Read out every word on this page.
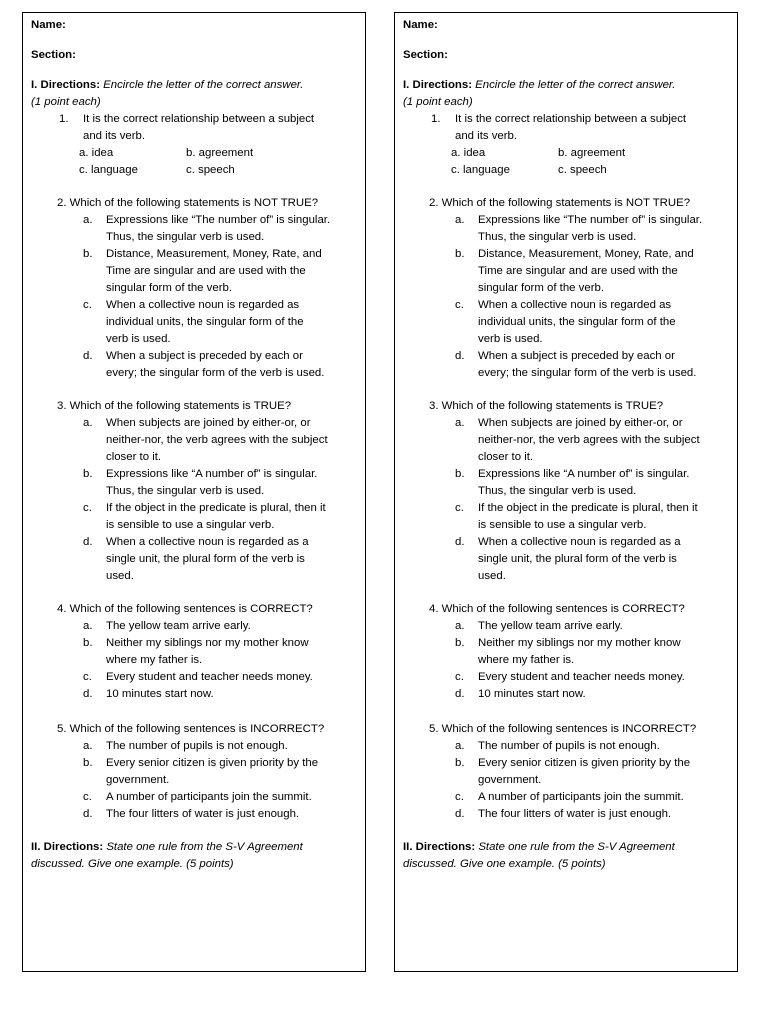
Name:
Section:
I. Directions: Encircle the letter of the correct answer.
(1 point each)
1. It is the correct relationship between a subject
and its verb.
a. idea	b. agreement
c. language	c. speech
2. Which of the following statements is NOT TRUE?
a. Expressions like “The number of” is singular.
Thus, the singular verb is used.
b. Distance, Measurement, Money, Rate, and
Time are singular and are used with the
singular form of the verb.
c. When a collective noun is regarded as
individual units, the singular form of the
verb is used.
d. When a subject is preceded by each or
every; the singular form of the verb is used.
3. Which of the following statements is TRUE?
a. When subjects are joined by either-or, or
neither-nor, the verb agrees with the subject
closer to it.
b. Expressions like “A number of” is singular.
Thus, the singular verb is used.
c. If the object in the predicate is plural, then it
is sensible to use a singular verb.
d. When a collective noun is regarded as a
single unit, the plural form of the verb is
used.
4. Which of the following sentences is CORRECT?
a. The yellow team arrive early.
b. Neither my siblings nor my mother know
where my father is.
c. Every student and teacher needs money.
d. 10 minutes start now.
5. Which of the following sentences is INCORRECT?
a. The number of pupils is not enough.
b. Every senior citizen is given priority by the
government.
c. A number of participants join the summit.
d. The four litters of water is just enough.
II. Directions: State one rule from the S-V Agreement
discussed. Give one example. (5 points)
Name:
Section:
I. Directions: Encircle the letter of the correct answer.
(1 point each)
1. It is the correct relationship between a subject
and its verb.
a. idea	b. agreement
c. language	c. speech
2. Which of the following statements is NOT TRUE?
a. Expressions like “The number of” is singular.
Thus, the singular verb is used.
b. Distance, Measurement, Money, Rate, and
Time are singular and are used with the
singular form of the verb.
c. When a collective noun is regarded as
individual units, the singular form of the
verb is used.
d. When a subject is preceded by each or
every; the singular form of the verb is used.
3. Which of the following statements is TRUE?
a. When subjects are joined by either-or, or
neither-nor, the verb agrees with the subject
closer to it.
b. Expressions like “A number of” is singular.
Thus, the singular verb is used.
c. If the object in the predicate is plural, then it
is sensible to use a singular verb.
d. When a collective noun is regarded as a
single unit, the plural form of the verb is
used.
4. Which of the following sentences is CORRECT?
a. The yellow team arrive early.
b. Neither my siblings nor my mother know
where my father is.
c. Every student and teacher needs money.
d. 10 minutes start now.
5. Which of the following sentences is INCORRECT?
a. The number of pupils is not enough.
b. Every senior citizen is given priority by the
government.
c. A number of participants join the summit.
d. The four litters of water is just enough.
II. Directions: State one rule from the S-V Agreement
discussed. Give one example. (5 points)
